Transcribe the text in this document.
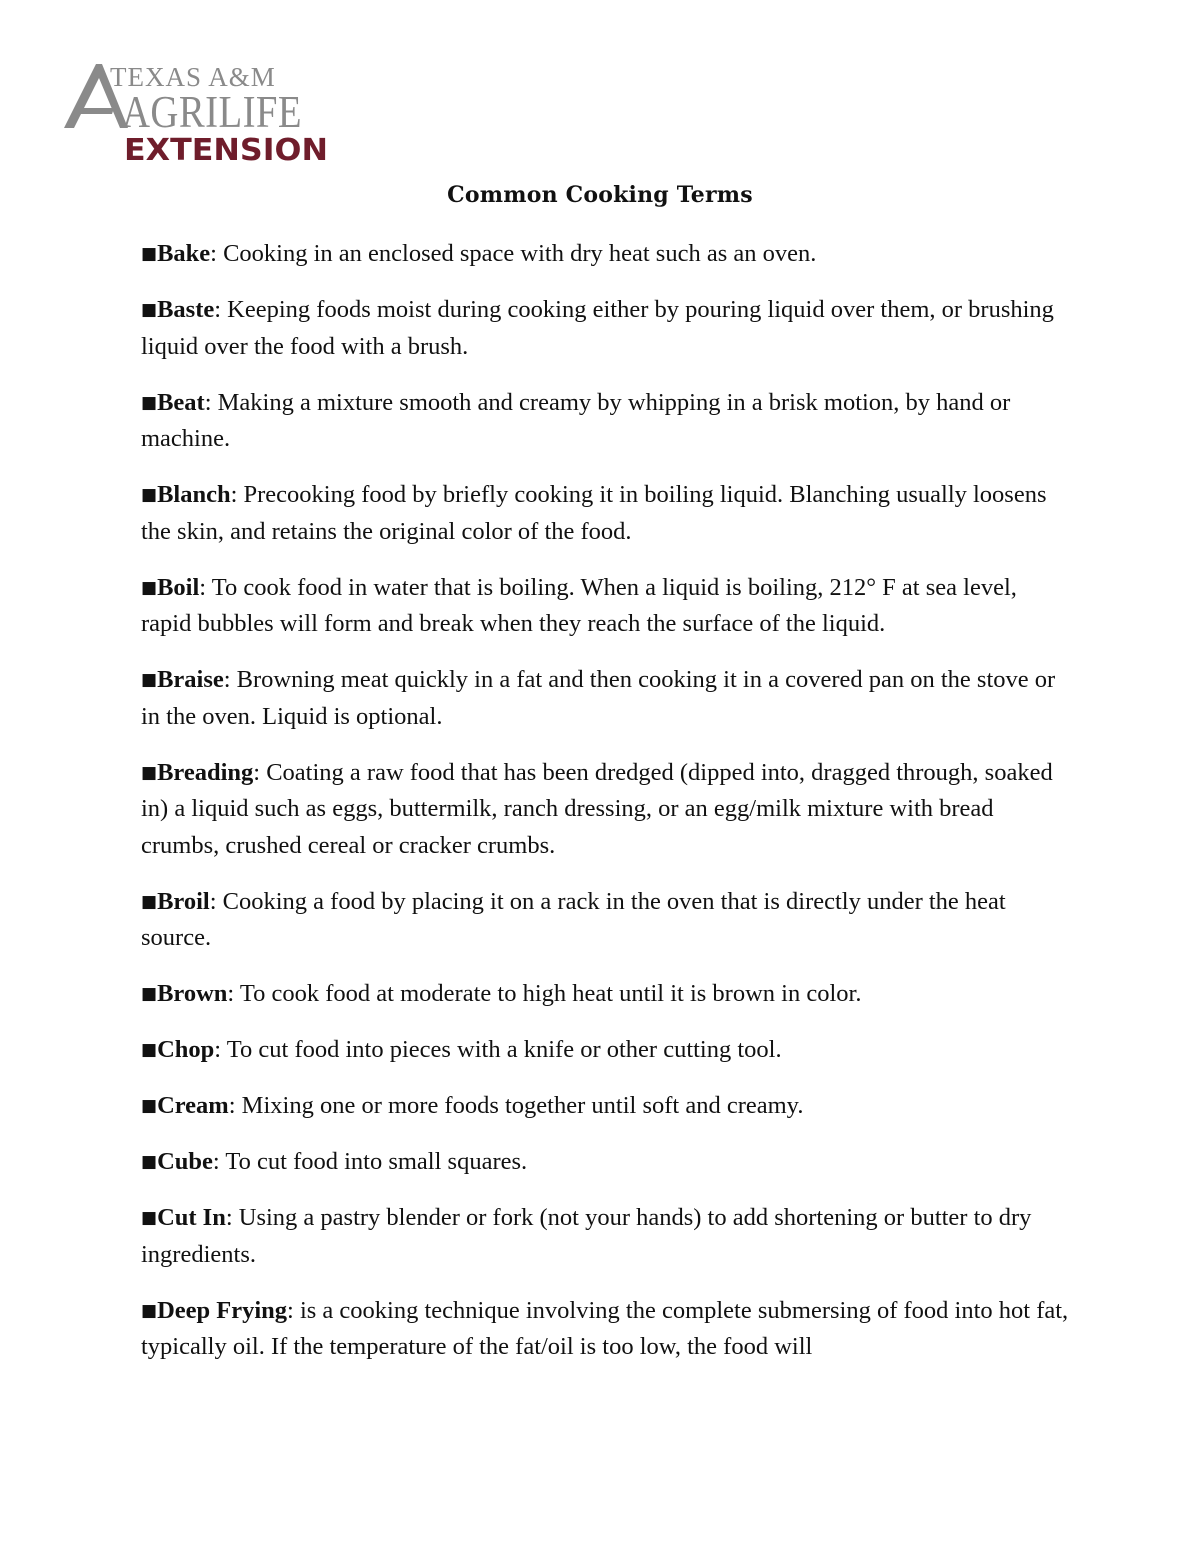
TEXAS A&M
AGRILIFE
EXTENSION
Common Cooking Terms
■Bake: Cooking in an enclosed space with dry heat such as an oven.
■Baste: Keeping foods moist during cooking either by pouring liquid over them, or brushing liquid over the food with a brush.
■Beat: Making a mixture smooth and creamy by whipping in a brisk motion, by hand or machine.
■Blanch: Precooking food by briefly cooking it in boiling liquid. Blanching usually loosens the skin, and retains the original color of the food.
■Boil: To cook food in water that is boiling. When a liquid is boiling, 212° F at sea level, rapid bubbles will form and break when they reach the surface of the liquid.
■Braise: Browning meat quickly in a fat and then cooking it in a covered pan on the stove or in the oven. Liquid is optional.
■Breading: Coating a raw food that has been dredged (dipped into, dragged through, soaked in) a liquid such as eggs, buttermilk, ranch dressing, or an egg/milk mixture with bread crumbs, crushed cereal or cracker crumbs.
■Broil: Cooking a food by placing it on a rack in the oven that is directly under the heat source.
■Brown: To cook food at moderate to high heat until it is brown in color.
■Chop: To cut food into pieces with a knife or other cutting tool.
■Cream: Mixing one or more foods together until soft and creamy.
■Cube: To cut food into small squares.
■Cut In: Using a pastry blender or fork (not your hands) to add shortening or butter to dry ingredients.
■Deep Frying: is a cooking technique involving the complete submersing of food into hot fat, typically oil. If the temperature of the fat/oil is too low, the food will
